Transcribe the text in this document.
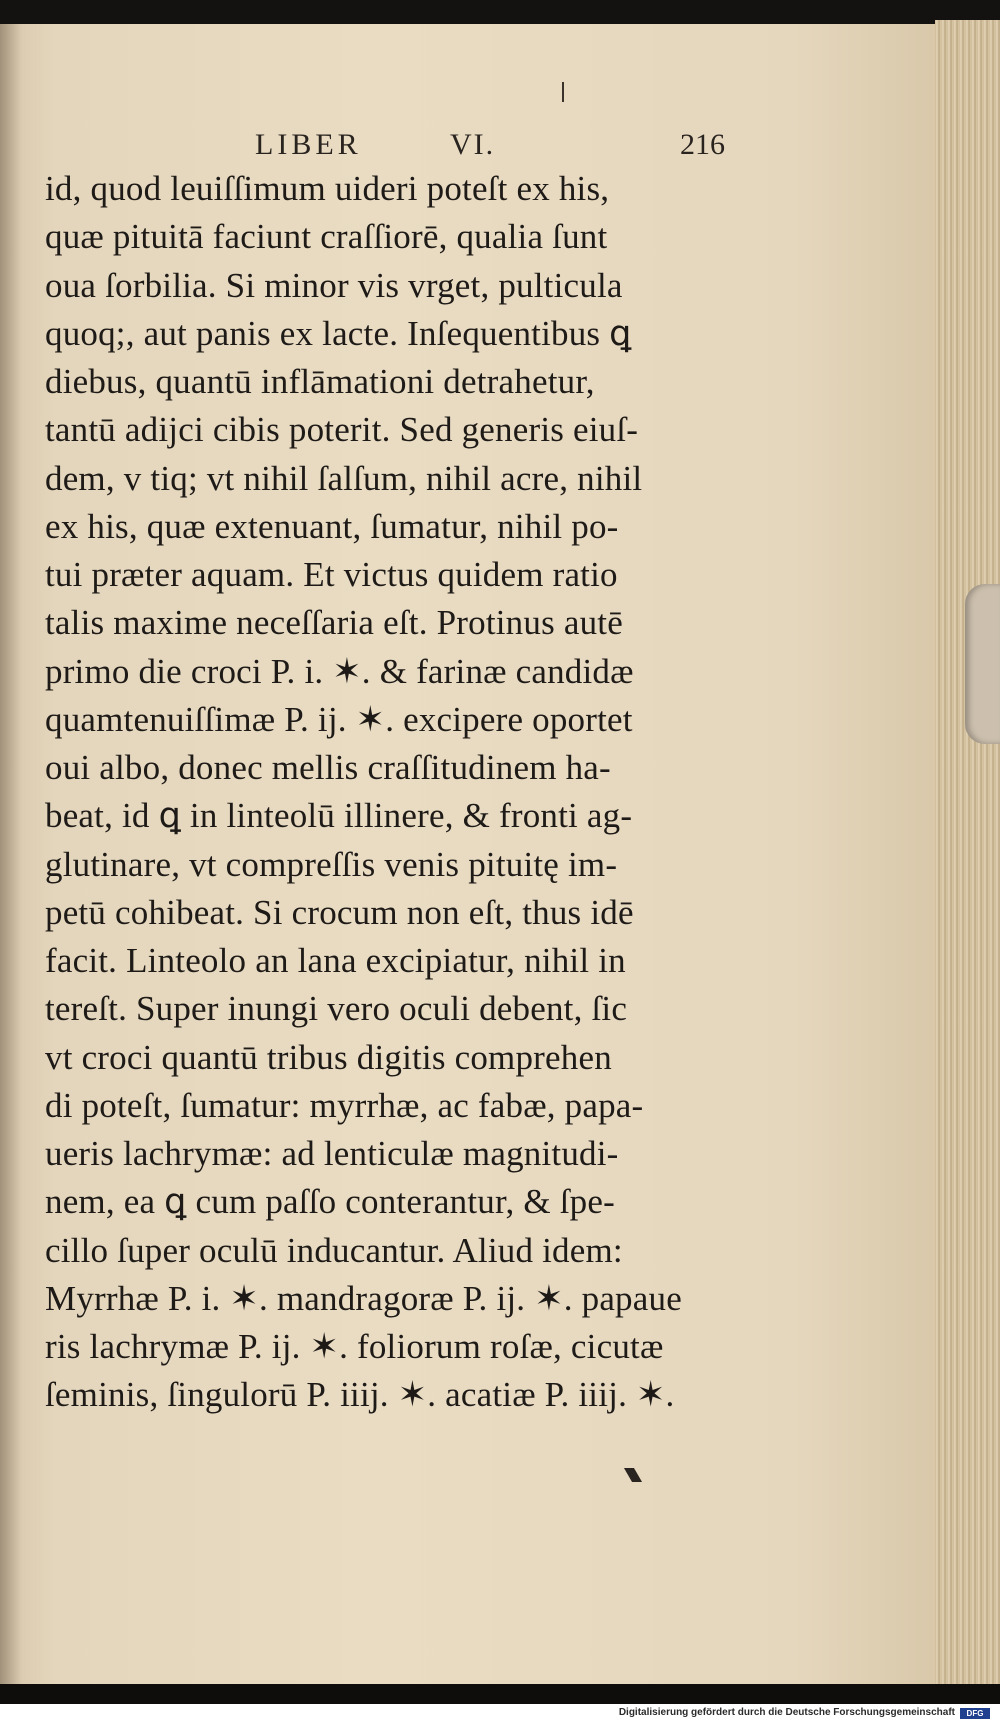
LIBER	VI.	216
id, quod leuiſſimum uideri poteſt ex his,
quæ pituitā faciunt craſſiorē, qualia ſunt
oua ſorbilia. Si minor vis vrget, pulticula
quoq;, aut panis ex lacte. Inſequentibus ꝗ
diebus, quantū inflāmationi detrahetur,
tantū adijci cibis poterit. Sed generis eiuſ-
dem, v tiq; vt nihil ſalſum, nihil acre, nihil
ex his, quæ extenuant, ſumatur, nihil po-
tui præter aquam. Et victus quidem ratio
talis maxime neceſſaria eſt. Protinus autē
primo die croci P. i. ✶. & farinæ candidæ
quamtenuiſſimæ P. ij. ✶. excipere oportet
oui albo, donec mellis craſſitudinem ha-
beat, id ꝗ in linteolū illinere, & fronti ag-
glutinare, vt compreſſis venis pituitę im-
petū cohibeat. Si crocum non eſt, thus idē
facit. Linteolo an lana excipiatur, nihil in
tereſt. Super inungi vero oculi debent, ſic
vt croci quantū tribus digitis comprehen
di poteſt, ſumatur: myrrhæ, ac fabæ, papa-
ueris lachrymæ: ad lenticulæ magnitudi-
nem, ea ꝗ cum paſſo conterantur, & ſpe-
cillo ſuper oculū inducantur. Aliud idem:
Myrrhæ P. i. ✶. mandragoræ P. ij. ✶. papaue
ris lachrymæ P. ij. ✶. foliorum roſæ, cicutæ
ſeminis, ſingulorū P. iiij. ✶. acatiæ P. iiij. ✶.
Digitalisierung gefördert durch die Deutsche Forschungsgemeinschaft	DFG
